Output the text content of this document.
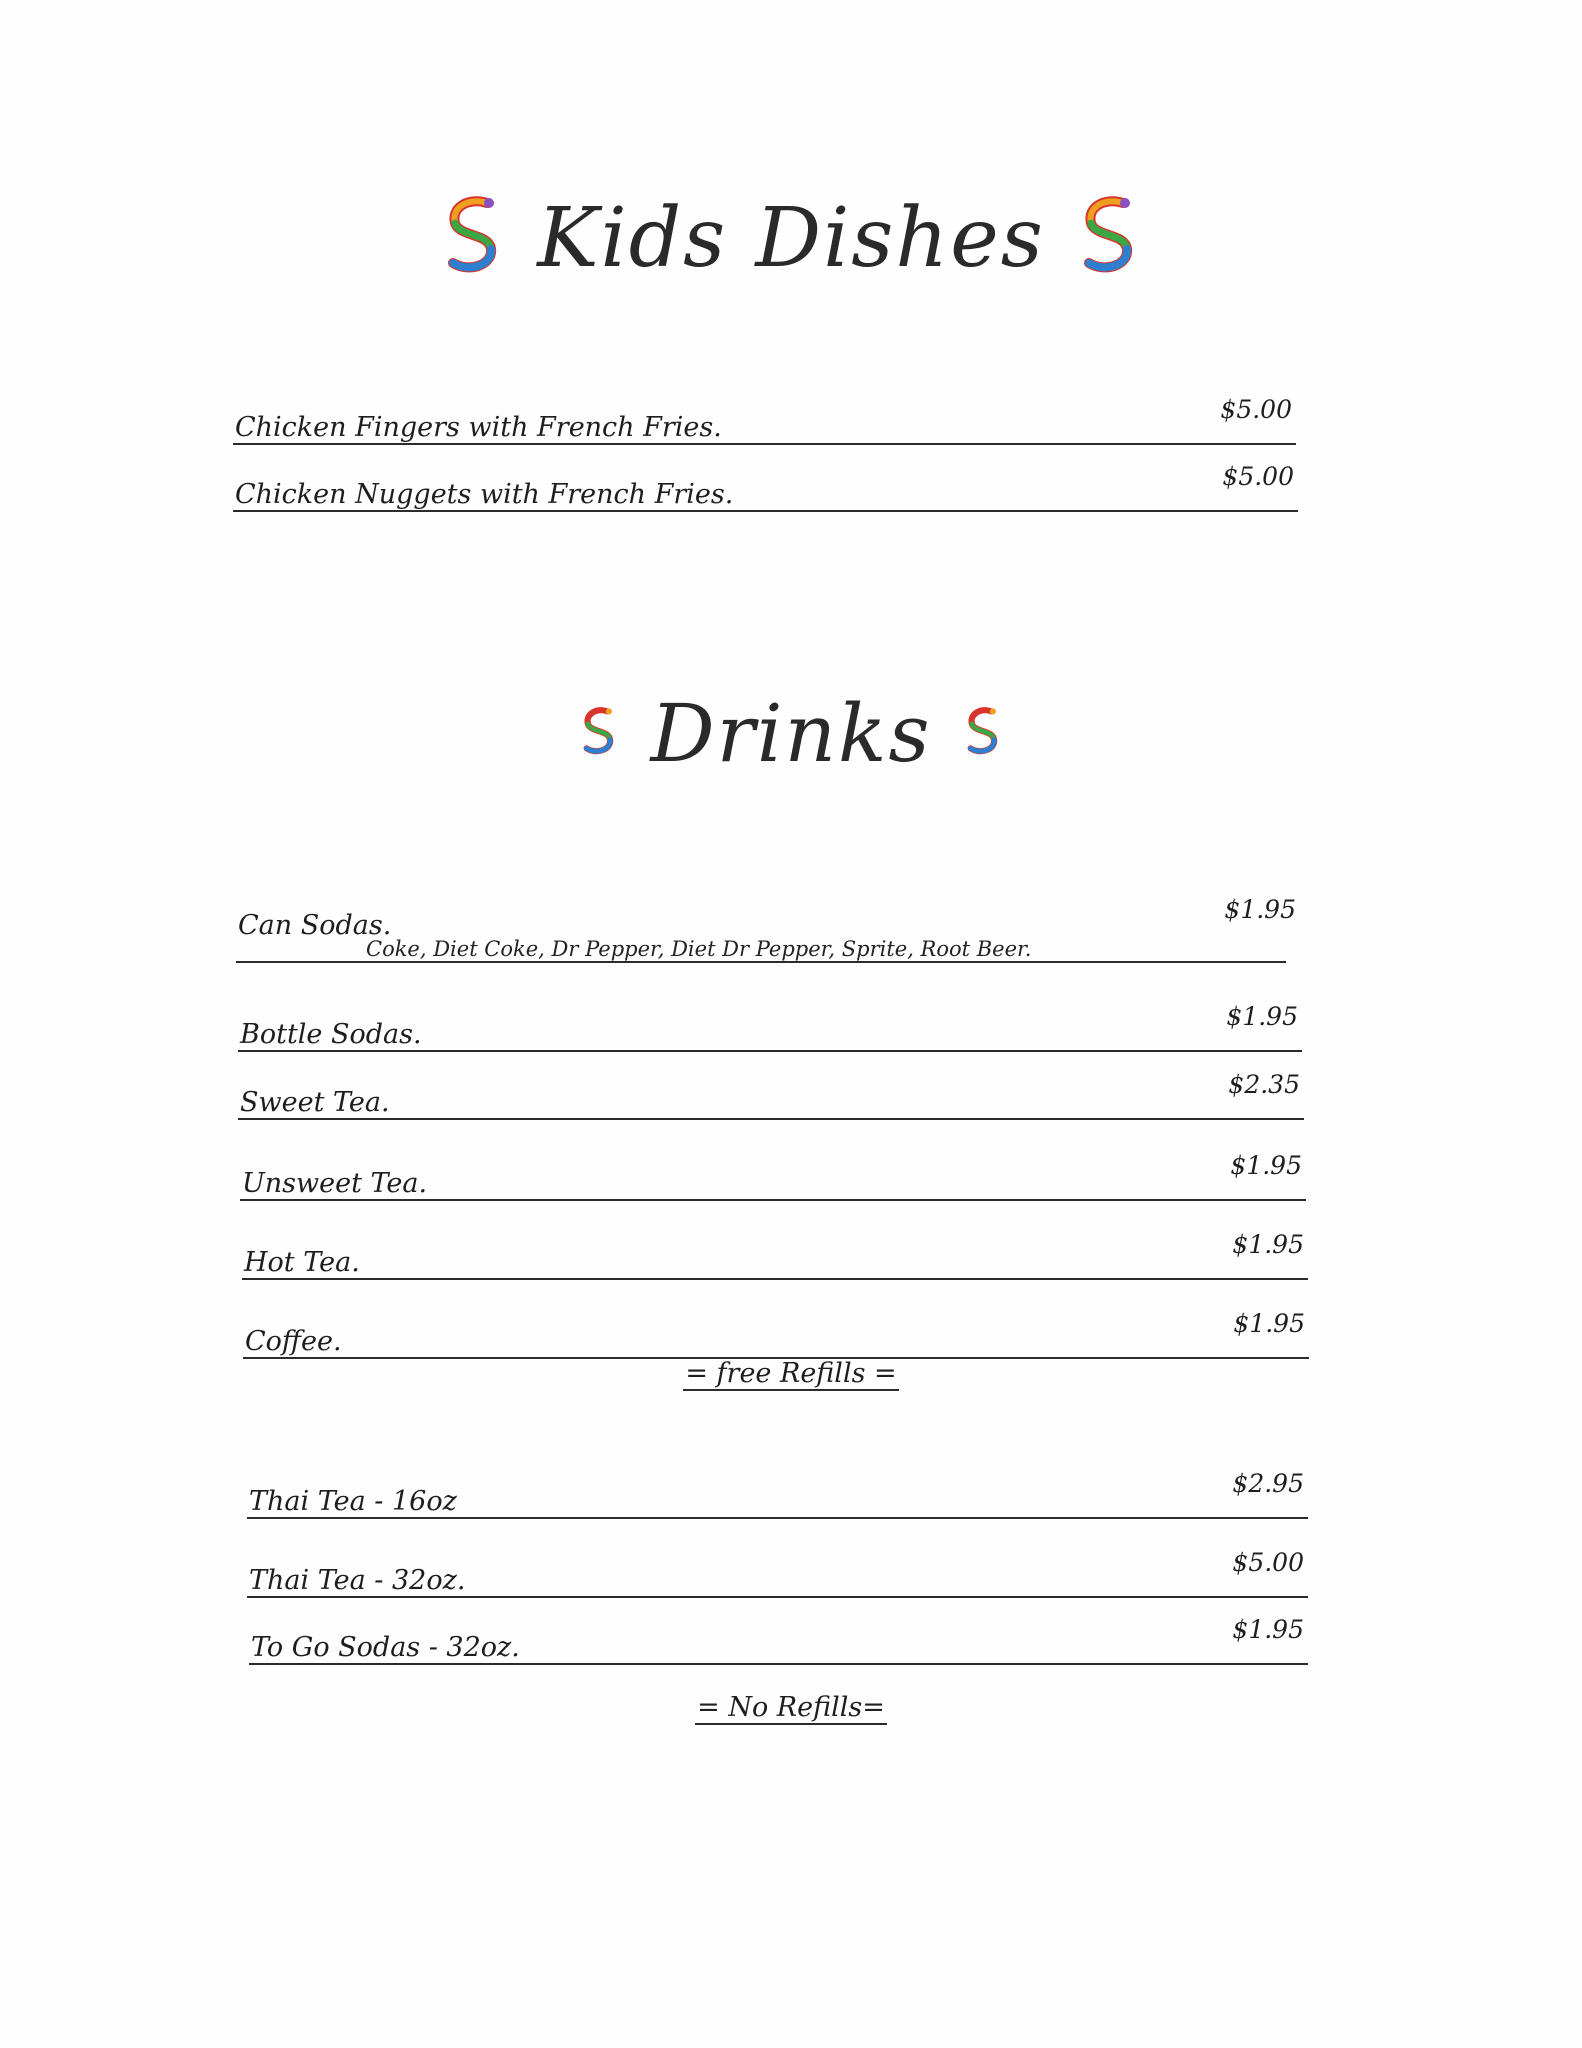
Kids Dishes
Chicken Fingers with French Fries.
$5.00
Chicken Nuggets with French Fries.
$5.00
Drinks
Can Sodas.
$1.95
Coke, Diet Coke, Dr Pepper, Diet Dr Pepper, Sprite, Root Beer.
Bottle Sodas.
$1.95
Sweet Tea.
$2.35
Unsweet Tea.
$1.95
Hot Tea.
$1.95
Coffee.
$1.95
= free Refills =
Thai Tea - 16oz
$2.95
Thai Tea - 32oz.
$5.00
To Go Sodas - 32oz.
$1.95
= No Refills=
